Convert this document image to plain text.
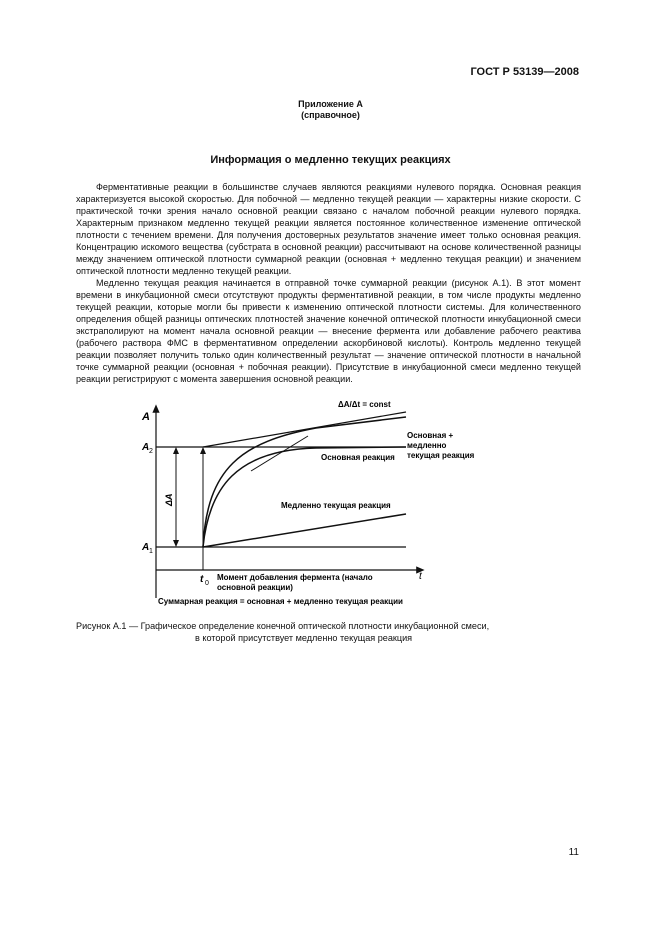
ГОСТ Р 53139—2008
Приложение А
(справочное)
Информация о медленно текущих реакциях

Ферментативные реакции в большинстве случаев являются реакциями нулевого порядка. Основная реакция характеризуется высокой скоростью. Для побочной — медленно текущей реакции — характерны низкие скорости. С практической точки зрения начало основной реакции связано с началом побочной реакции нулевого порядка. Характерным признаком медленно текущей реакции является постоянное количественное изменение оптической плотности с течением времени. Для получения достоверных результатов значение имеет только основная реакция. Концентрацию искомого вещества (субстрата в основной реакции) рассчитывают на основе количественной разницы между значением оптической плотности суммарной реакции (основная + медленно текущая реакции) и значением оптической плотности медленно текущей реакции.

Медленно текущая реакция начинается в отправной точке суммарной реакции (рисунок А.1). В этот момент времени в инкубационной смеси отсутствуют продукты ферментативной реакции, в том числе продукты медленно текущей реакции, которые могли бы привести к изменению оптической плотности системы. Для количественного определения общей разницы оптических плотностей значение конечной оптической плотности инкубационной смеси экстраполируют на момент начала основной реакции — внесение фермента или добавление рабочего реактива (рабочего раствора ФМС в ферментативном определении аскорбиновой кислоты). Контроль медленно текущей реакции позволяет получить только один количественный результат — значение оптической плотности в начальной точке суммарной реакции (основная + побочная реакции). Присутствие в инкубационной смеси медленно текущей реакции регистрируют с момента завершения основной реакции.

A
t
A 2
A 1
ΔA
ΔA/Δt = const
Основная +
медленно
текущая реакция
Основная реакция
Медленно текущая реакция
t 0
Момент добавления фермента (начало
основной реакции)
Суммарная реакция = основная + медленно текущая реакции
Рисунок А.1 — Графическое определение конечной оптической плотности инкубационной смеси,
в которой присутствует медленно текущая реакция
11
